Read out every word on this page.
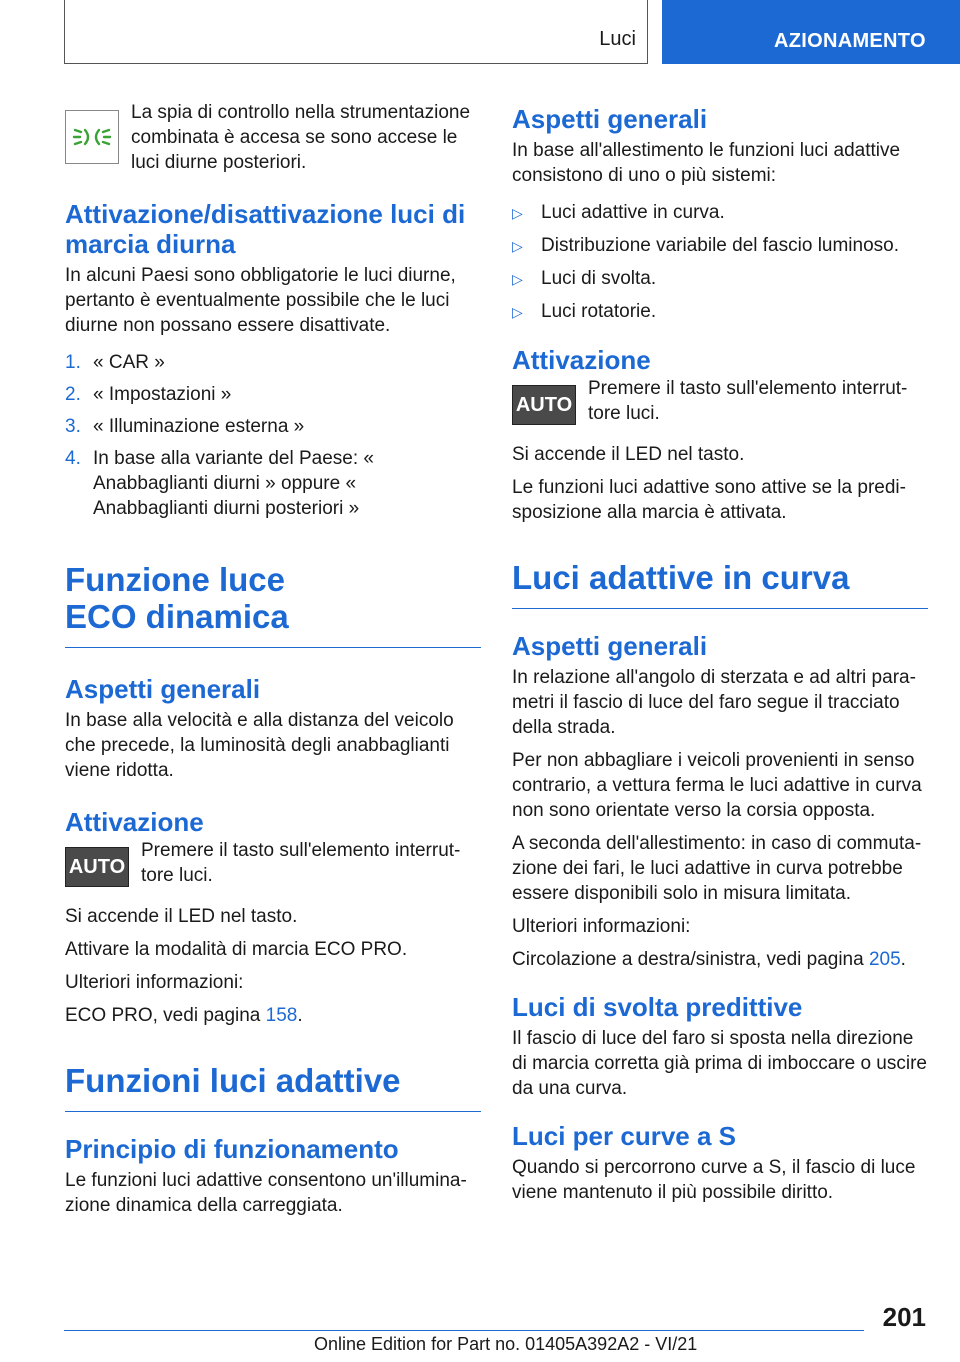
Luci	AZIONAMENTO

La spia di controllo nella strumentazione combinata è accesa se sono accese le luci diurne posteriori.

Attivazione/disattivazione luci di marcia diurna

In alcuni Paesi sono obbligatorie le luci diurne, pertanto è eventualmente possibile che le luci diurne non possano essere disattivate.

1. « CAR »
2. « Impostazioni »
3. « Illuminazione esterna »
4. In base alla variante del Paese: « Anabbaglianti diurni » oppure « Anabbaglianti diurni posteriori »
Funzione luce ECO dinamica
Aspetti generali

In base alla velocità e alla distanza del veicolo che precede, la luminosità degli anabbaglianti viene ridotta.

Attivazione
AUTO

Premere il tasto sull'elemento interrut-tore luci.

Si accende il LED nel tasto.

Attivare la modalità di marcia ECO PRO.

Ulteriori informazioni:

ECO PRO, vedi pagina 158.

Funzioni luci adattive
Principio di funzionamento

Le funzioni luci adattive consentono un'illumina-zione dinamica della carreggiata.

Aspetti generali

In base all'allestimento le funzioni luci adattive consistono di uno o più sistemi:

▷ Luci adattive in curva.
▷ Distribuzione variabile del fascio luminoso.
▷ Luci di svolta.
▷ Luci rotatorie.
Attivazione
AUTO

Premere il tasto sull'elemento interrut-tore luci.

Si accende il LED nel tasto.

Le funzioni luci adattive sono attive se la predi-sposizione alla marcia è attivata.

Luci adattive in curva
Aspetti generali

In relazione all'angolo di sterzata e ad altri para-metri il fascio di luce del faro segue il tracciato della strada.

Per non abbagliare i veicoli provenienti in senso contrario, a vettura ferma le luci adattive in curva non sono orientate verso la corsia opposta.

A seconda dell'allestimento: in caso di commuta-zione dei fari, le luci adattive in curva potrebbe essere disponibili solo in misura limitata.

Ulteriori informazioni:

Circolazione a destra/sinistra, vedi pagina 205.

Luci di svolta predittive

Il fascio di luce del faro si sposta nella direzione di marcia corretta già prima di imboccare o uscire da una curva.

Luci per curve a S

Quando si percorrono curve a S, il fascio di luce viene mantenuto il più possibile diritto.

201
Online Edition for Part no. 01405A392A2 - VI/21
